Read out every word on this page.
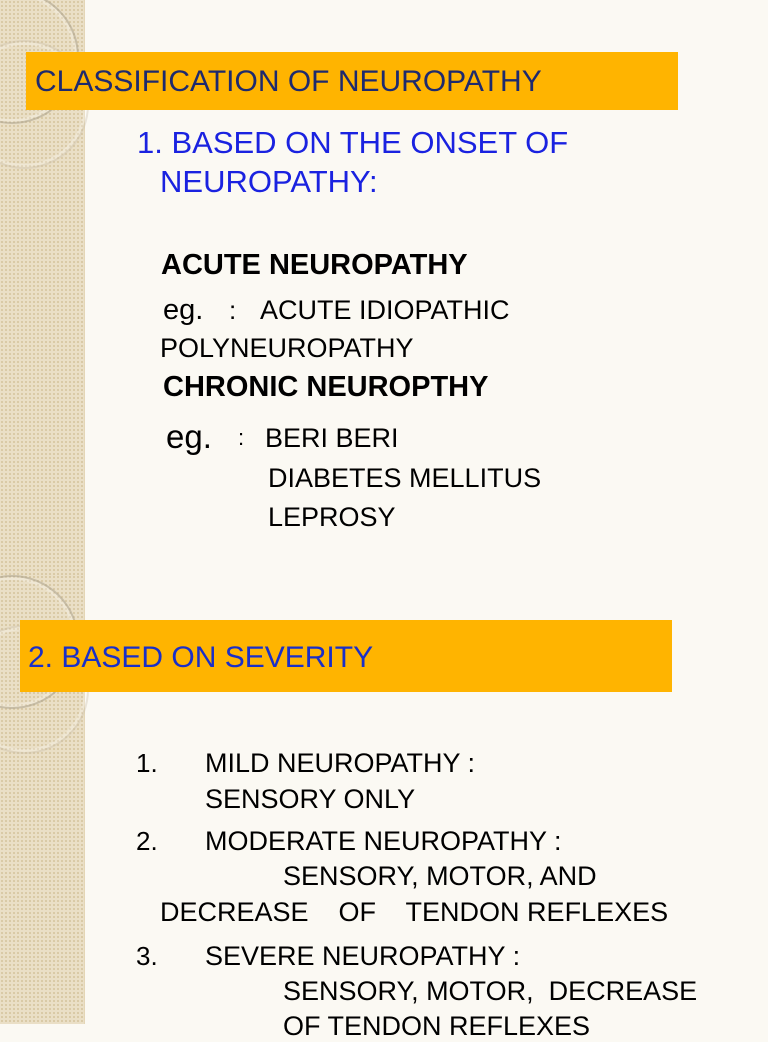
CLASSIFICATION OF NEUROPATHY
1. BASED ON THE ONSET OF
NEUROPATHY:
ACUTE NEUROPATHY
eg. : ACUTE IDIOPATHIC
POLYNEUROPATHY
CHRONIC NEUROPTHY
eg. : BERI BERI
DIABETES MELLITUS
LEPROSY
2. BASED ON SEVERITY
1. MILD NEUROPATHY :
SENSORY ONLY
2. MODERATE NEUROPATHY :
SENSORY, MOTOR, AND
DECREASE    OF    TENDON REFLEXES
3. SEVERE NEUROPATHY :
SENSORY, MOTOR,  DECREASE
OF TENDON REFLEXES
